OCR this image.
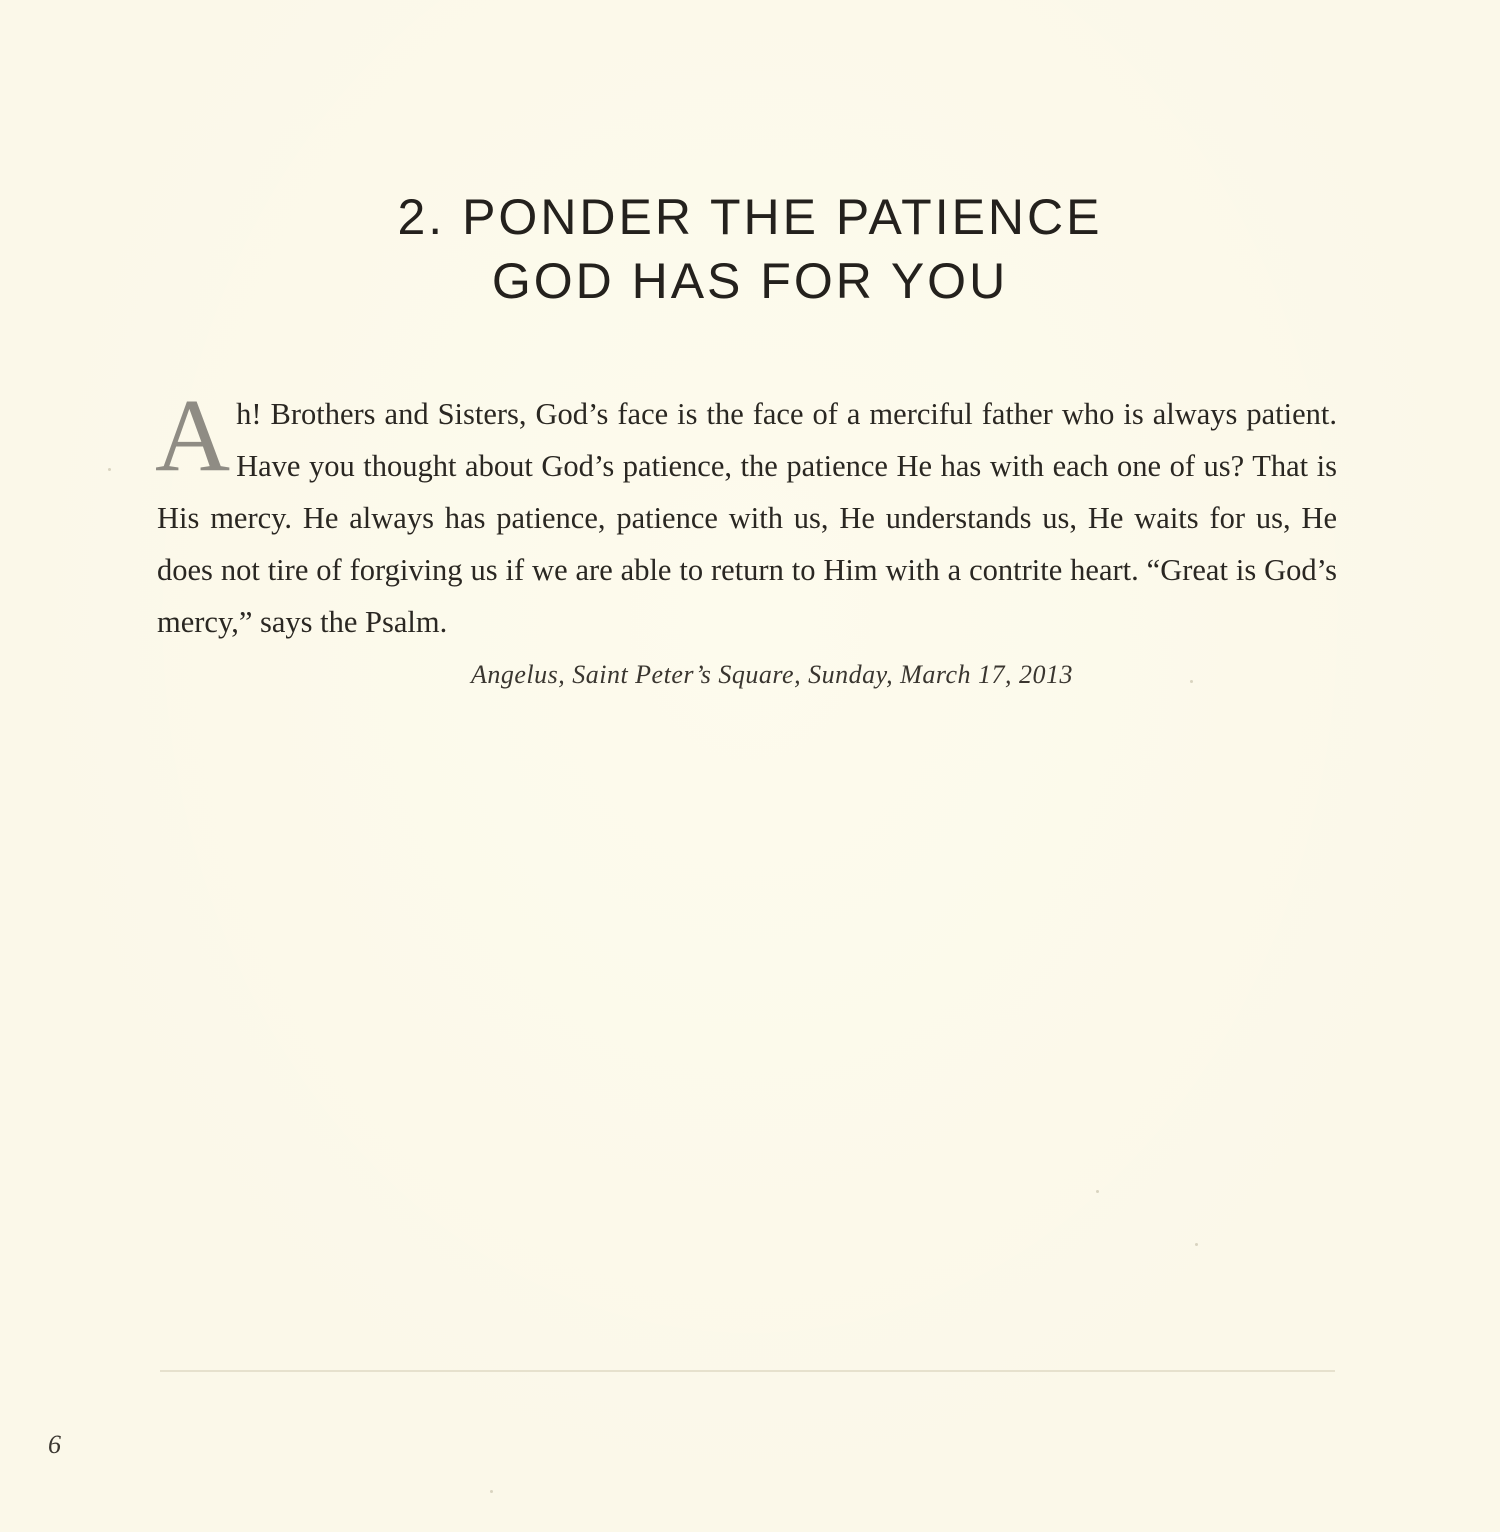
2. PONDER THE PATIENCE
GOD HAS FOR YOU

Ah! Brothers and Sisters, God’s face is the face of a merciful father who is always patient. Have you thought about God’s patience, the patience He has with each one of us? That is His mercy. He always has patience, patience with us, He understands us, He waits for us, He does not tire of forgiving us if we are able to return to Him with a contrite heart. “Great is God’s mercy,” says the Psalm.

Angelus, Saint Peter’s Square, Sunday, March 17, 2013
6
